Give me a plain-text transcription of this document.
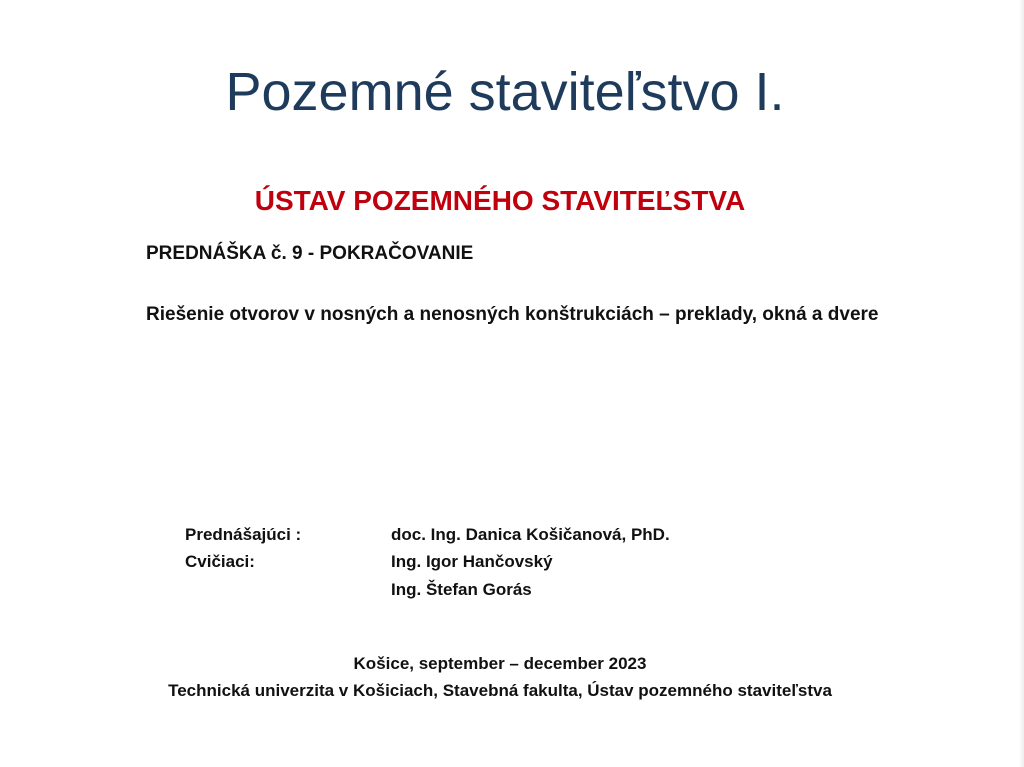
Pozemné staviteľstvo I.
ÚSTAV POZEMNÉHO STAVITEĽSTVA
PREDNÁŠKA č. 9 - POKRAČOVANIE
Riešenie otvorov v nosných a nenosných konštrukciách – preklady, okná a dvere
Prednášajúci :	doc. Ing. Danica Košičanová, PhD.
Cvičiaci:	Ing. Igor Hančovský
Ing. Štefan Gorás
Košice, september – december 2023
Technická univerzita v Košiciach, Stavebná fakulta, Ústav pozemného staviteľstva
